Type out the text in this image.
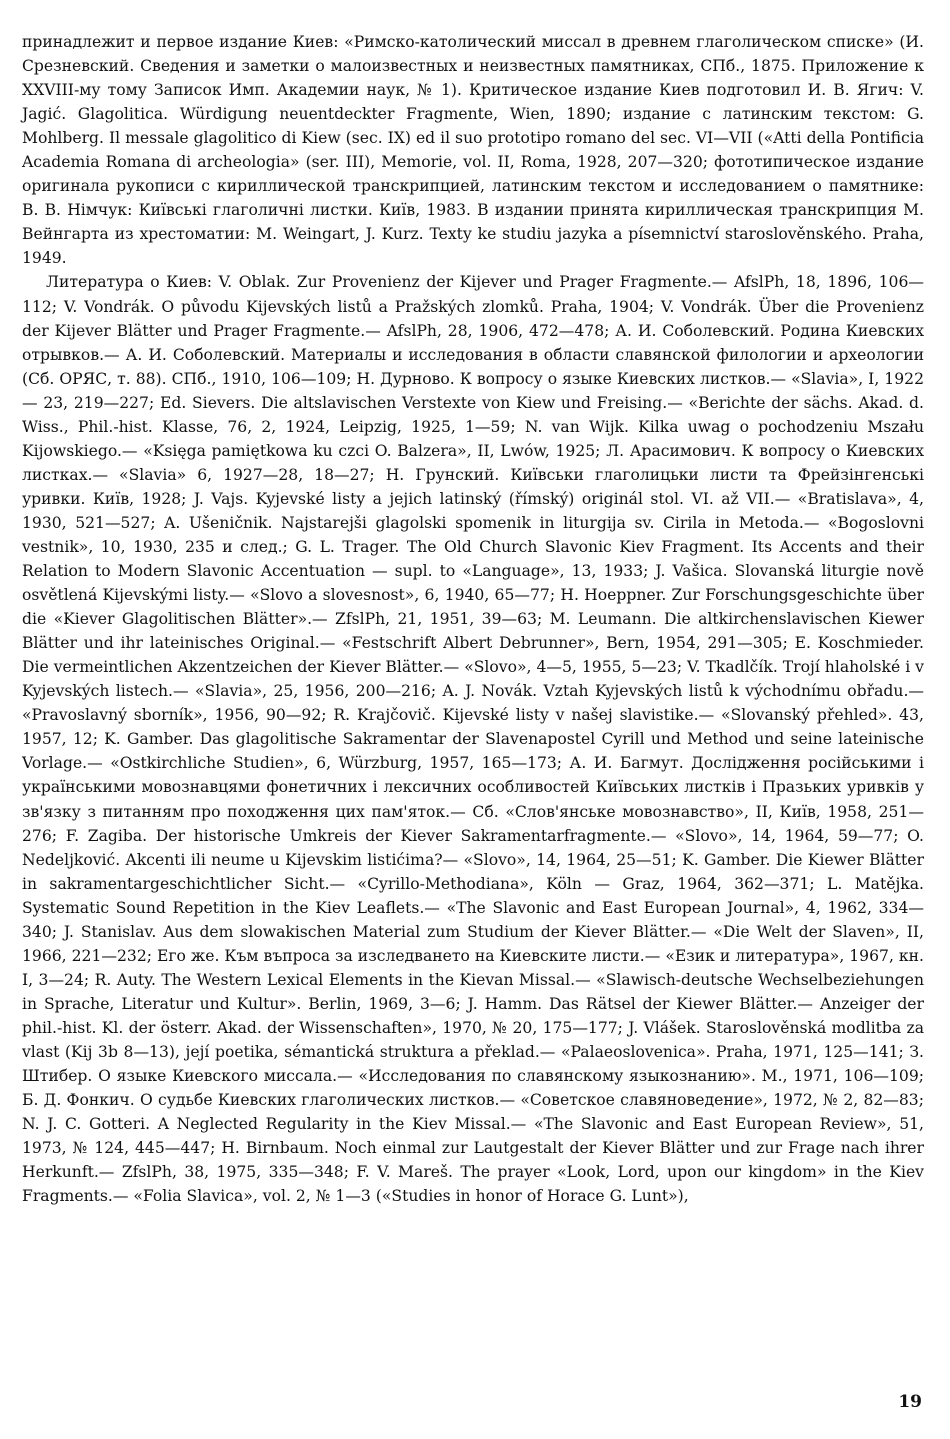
принадлежит и первое издание Киев: «Римско-католический миссал в древнем глаголическом списке» (И. Срезневский. Сведения и заметки о малоизвестных и неизвестных памятниках, СПб., 1875. Приложение к XXVIII-му тому Записок Имп. Академии наук, № 1). Критическое издание Киев подготовил И. В. Ягич: V. Jagić. Glagolitica. Würdigung neuentdeckter Fragmente, Wien, 1890; издание с латинским текстом: G. Mohlberg. Il messale glagolitico di Kiew (sec. IX) ed il suo prototipo romano del sec. VI—VII («Atti della Pontificia Academia Romana di archeologia» (ser. III), Memorie, vol. II, Roma, 1928, 207—320; фототипическое издание оригинала рукописи с кириллической транскрипцией, латинским текстом и исследованием о памятнике: В. В. Німчук: Київські глаголичні листки. Київ, 1983. В издании принята кириллическая транскрипция М. Вейнгарта из хрестоматии: M. Weingart, J. Kurz. Texty ke studiu jazyka a písemnictví staroslověnského. Praha, 1949.

Литература о Киев: V. Oblak. Zur Provenienz der Kijever und Prager Fragmente.— AfslPh, 18, 1896, 106—112; V. Vondrák. O původu Kijevských listů a Pražských zlomků. Praha, 1904; V. Vondrák. Über die Provenienz der Kijever Blätter und Prager Fragmente.— AfslPh, 28, 1906, 472—478; А. И. Соболевский. Родина Киевских отрывков.— А. И. Соболевский. Материалы и исследования в области славянской филологии и археологии (Сб. ОРЯС, т. 88). СПб., 1910, 106—109; Н. Дурново. К вопросу о языке Киевских листков.— «Slavia», I, 1922 — 23, 219—227; Ed. Sievers. Die altslavischen Verstexte von Kiew und Freising.— «Berichte der sächs. Akad. d. Wiss., Phil.-hist. Klasse, 76, 2, 1924, Leipzig, 1925, 1—59; N. van Wijk. Kilka uwag o pochodzeniu Mszału Kijowskiego.— «Księga pamiętkowa ku czci O. Balzera», II, Lwów, 1925; Л. Арасимович. К вопросу о Киевских листках.— «Slavia» 6, 1927—28, 18—27; Н. Грунский. Київськи глаголицьки листи та Фрейзінгенські уривки. Київ, 1928; J. Vajs. Kyjevské listy a jejich latinský (římský) originál stol. VI. až VII.— «Bratislava», 4, 1930, 521—527; A. Ušeničnik. Najstarejši glagolski spomenik in liturgija sv. Cirila in Metoda.— «Bogoslovni vestnik», 10, 1930, 235 и след.; G. L. Trager. The Old Church Slavonic Kiev Fragment. Its Accents and their Relation to Modern Slavonic Accentuation — supl. to «Language», 13, 1933; J. Vašica. Slovanská liturgie nově osvětlená Kijevskými listy.— «Slovo a slovesnost», 6, 1940, 65—77; H. Hoeppner. Zur Forschungsgeschichte über die «Kiever Glagolitischen Blätter».— ZfslPh, 21, 1951, 39—63; M. Leumann. Die altkirchenslavischen Kiewer Blätter und ihr lateinisches Original.— «Festschrift Albert Debrunner», Bern, 1954, 291—305; E. Koschmieder. Die vermeintlichen Akzentzeichen der Kiever Blätter.— «Slovo», 4—5, 1955, 5—23; V. Tkadlčík. Trojí hlaholské i v Kyjevských listech.— «Slavia», 25, 1956, 200—216; A. J. Novák. Vztah Kyjevských listů k východnímu obřadu.— «Pravoslavný sborník», 1956, 90—92; R. Krajčovič. Kijevské listy v našej slavistike.— «Slovanský přehled». 43, 1957, 12; K. Gamber. Das glagolitische Sakramentar der Slavenapostel Cyrill und Method und seine lateinische Vorlage.— «Ostkirchliche Studien», 6, Würzburg, 1957, 165—173; А. И. Багмут. Дослідження російськими і українськими мовознавцями фонетичних і лексичних особливостей Київських листків і Празьких уривків у зв'язку з питанням про походження цих пам'яток.— Сб. «Слов'янське мовознавство», II, Київ, 1958, 251—276; F. Zagiba. Der historische Umkreis der Kiever Sakramentarfragmente.— «Slovo», 14, 1964, 59—77; O. Nedeljković. Akcenti ili neume u Kijevskim listićima?— «Slovo», 14, 1964, 25—51; K. Gamber. Die Kiewer Blätter in sakramentargeschichtlicher Sicht.— «Cyrillo-Methodiana», Köln — Graz, 1964, 362—371; L. Matějka. Systematic Sound Repetition in the Kiev Leaflets.— «The Slavonic and East European Journal», 4, 1962, 334—340; J. Stanislav. Aus dem slowakischen Material zum Studium der Kiever Blätter.— «Die Welt der Slaven», II, 1966, 221—232; Его же. Към въпроса за изследването на Киевските листи.— «Език и литература», 1967, кн. I, 3—24; R. Auty. The Western Lexical Elements in the Kievan Missal.— «Slawisch-deutsche Wechselbeziehungen in Sprache, Literatur und Kultur». Berlin, 1969, 3—6; J. Hamm. Das Rätsel der Kiewer Blätter.— Anzeiger der phil.-hist. Kl. der österr. Akad. der Wissenschaften», 1970, № 20, 175—177; J. Vlášek. Staroslověnská modlitba za vlast (Kij 3b 8—13), její poetika, sémantická struktura a překlad.— «Palaeoslovenica». Praha, 1971, 125—141; З. Штибер. О языке Киевского миссала.— «Исследования по славянскому языкознанию». М., 1971, 106—109; Б. Д. Фонкич. О судьбе Киевских глаголических листков.— «Советское славяноведение», 1972, № 2, 82—83; N. J. C. Gotteri. A Neglected Regularity in the Kiev Missal.— «The Slavonic and East European Review», 51, 1973, № 124, 445—447; H. Birnbaum. Noch einmal zur Lautgestalt der Kiever Blätter und zur Frage nach ihrer Herkunft.— ZfslPh, 38, 1975, 335—348; F. V. Mareš. The prayer «Look, Lord, upon our kingdom» in the Kiev Fragments.— «Folia Slavica», vol. 2, № 1—3 («Studies in honor of Horace G. Lunt»),

19
